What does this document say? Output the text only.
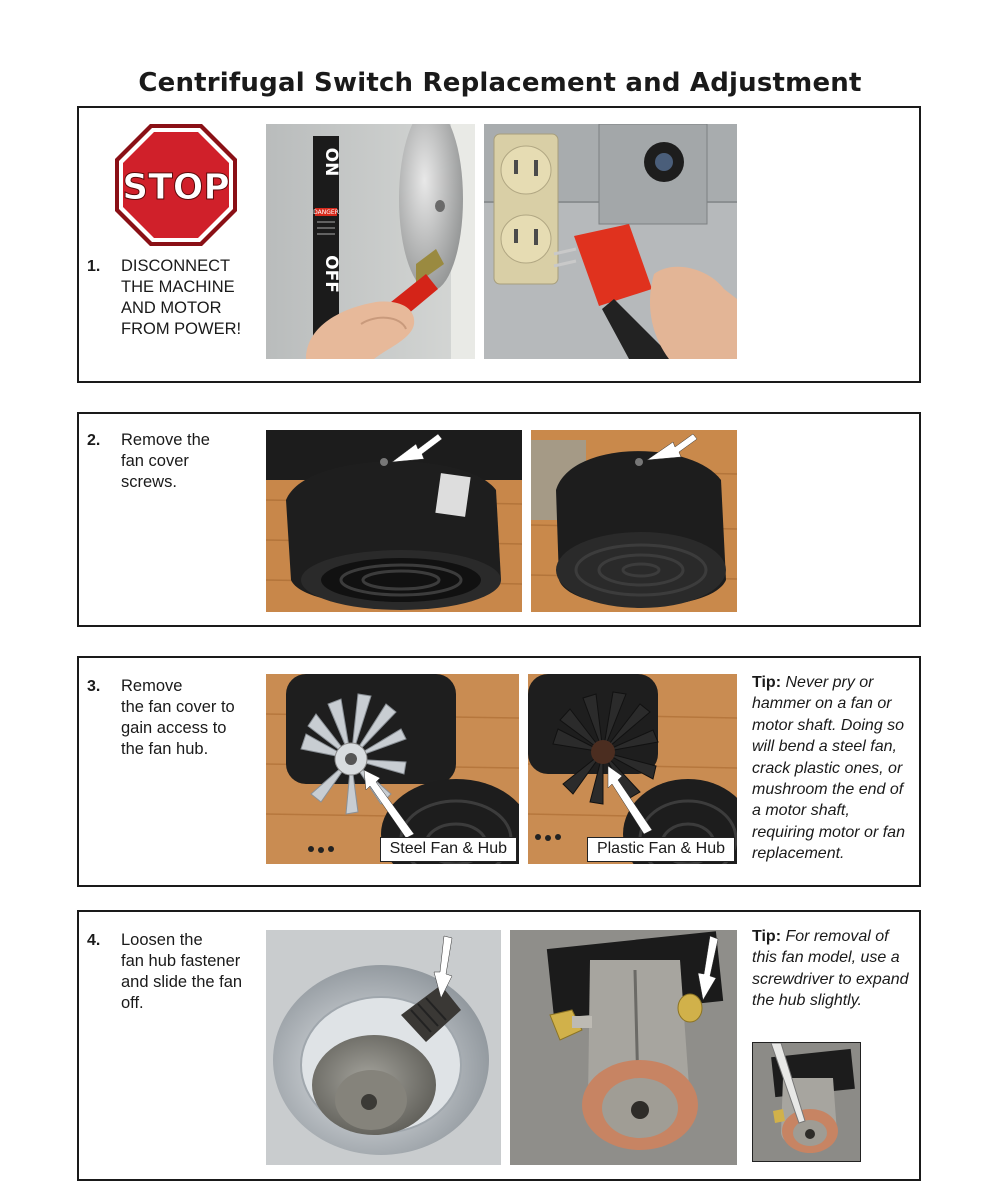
Centrifugal Switch Replacement and Adjustment
STOP
1. DISCONNECT
THE MACHINE
AND MOTOR
FROM POWER!
ON
DANGER
OFF
2. Remove the
fan cover
screws.
3. Remove
the fan cover to
gain access to
the fan hub.
Steel Fan & Hub	Plastic Fan & Hub
Tip: Never pry or hammer on a fan or motor shaft. Doing so will bend a steel fan, crack plastic ones, or mushroom the end of a motor shaft, requiring motor or fan replacement.
4. Loosen the
fan hub fastener
and slide the fan
off.
Tip: For removal of this fan model, use a screwdriver to expand the hub slightly.
